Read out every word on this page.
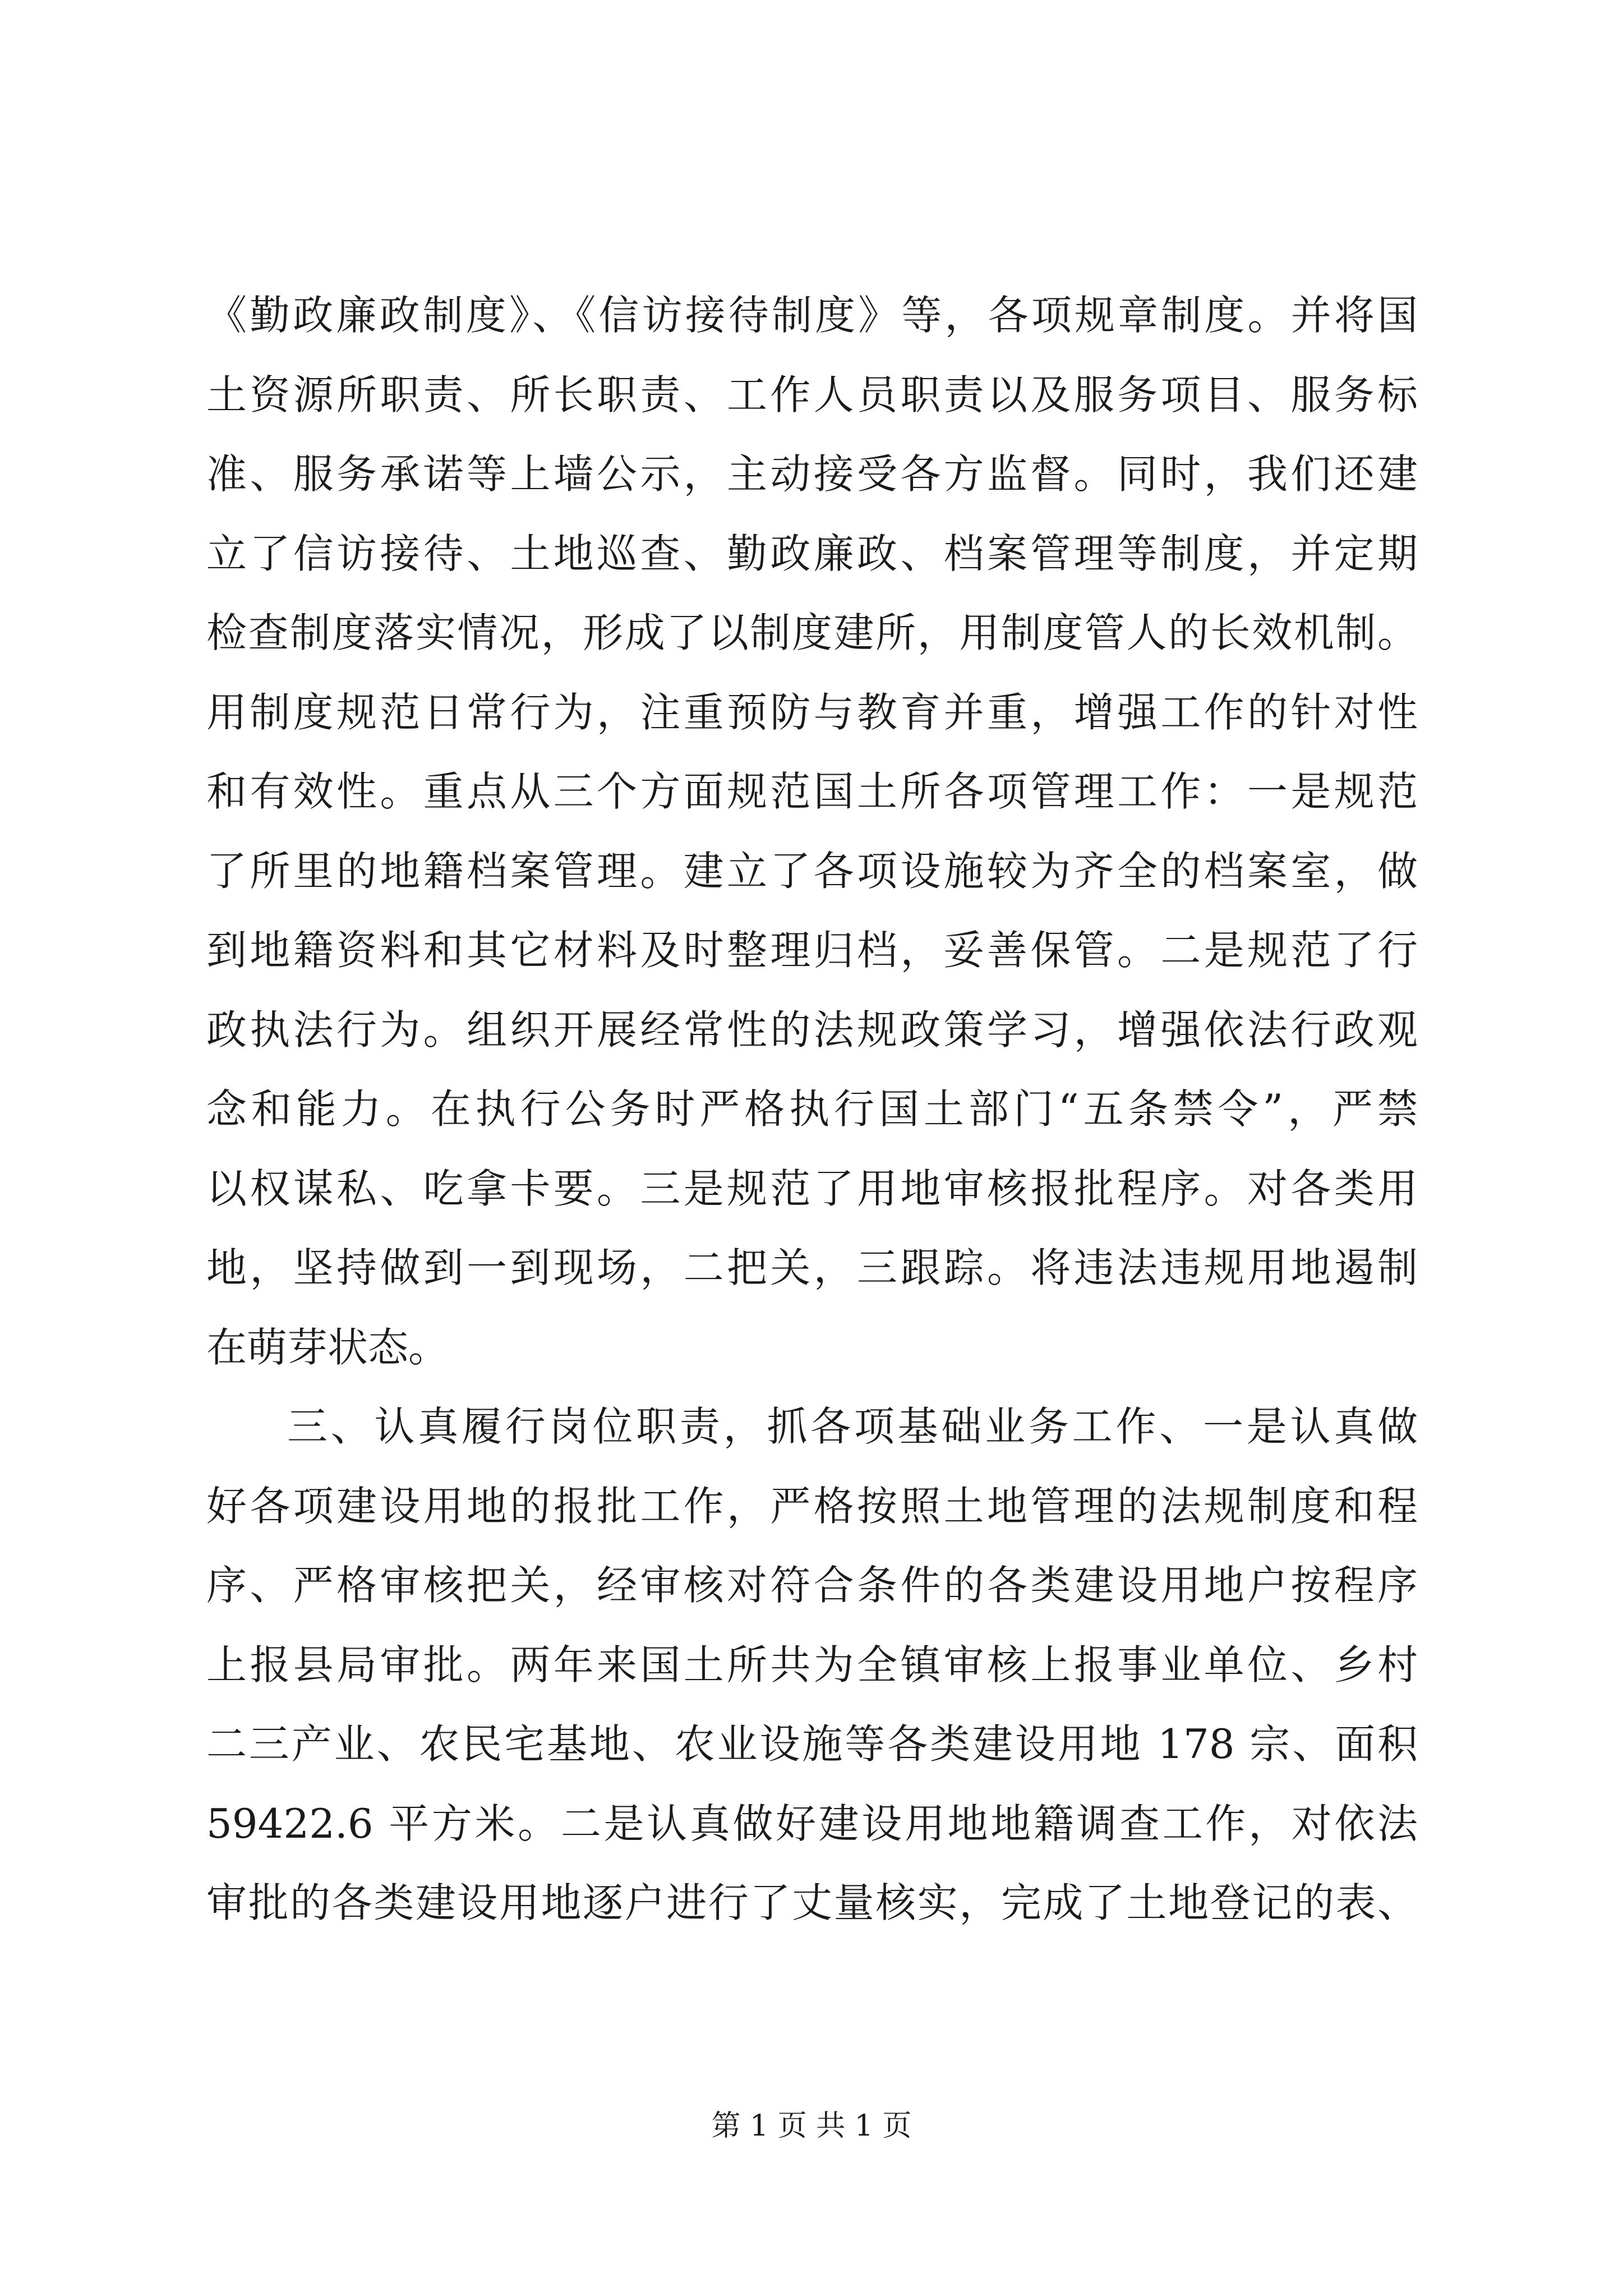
《勤政廉政制度》、《信访接待制度》等，各项规章制度。并将国
土资源所职责、所长职责、工作人员职责以及服务项目、服务标
准、服务承诺等上墙公示，主动接受各方监督。同时，我们还建
立了信访接待、土地巡查、勤政廉政、档案管理等制度，并定期
检查制度落实情况，形成了以制度建所，用制度管人的长效机制。
用制度规范日常行为，注重预防与教育并重，增强工作的针对性
和有效性。重点从三个方面规范国土所各项管理工作：一是规范
了所里的地籍档案管理。建立了各项设施较为齐全的档案室，做
到地籍资料和其它材料及时整理归档，妥善保管。二是规范了行
政执法行为。组织开展经常性的法规政策学习，增强依法行政观
念和能力。在执行公务时严格执行国土部门“五条禁令”，严禁
以权谋私、吃拿卡要。三是规范了用地审核报批程序。对各类用
地，坚持做到一到现场，二把关，三跟踪。将违法违规用地遏制
在萌芽状态。
三、认真履行岗位职责，抓各项基础业务工作、一是认真做
好各项建设用地的报批工作，严格按照土地管理的法规制度和程
序、严格审核把关，经审核对符合条件的各类建设用地户按程序
上报县局审批。两年来国土所共为全镇审核上报事业单位、乡村
二三产业、农民宅基地、农业设施等各类建设用地 178 宗、面积
59422.6 平方米。二是认真做好建设用地地籍调查工作，对依法
审批的各类建设用地逐户进行了丈量核实，完成了土地登记的表、
第 1 页 共 1 页
